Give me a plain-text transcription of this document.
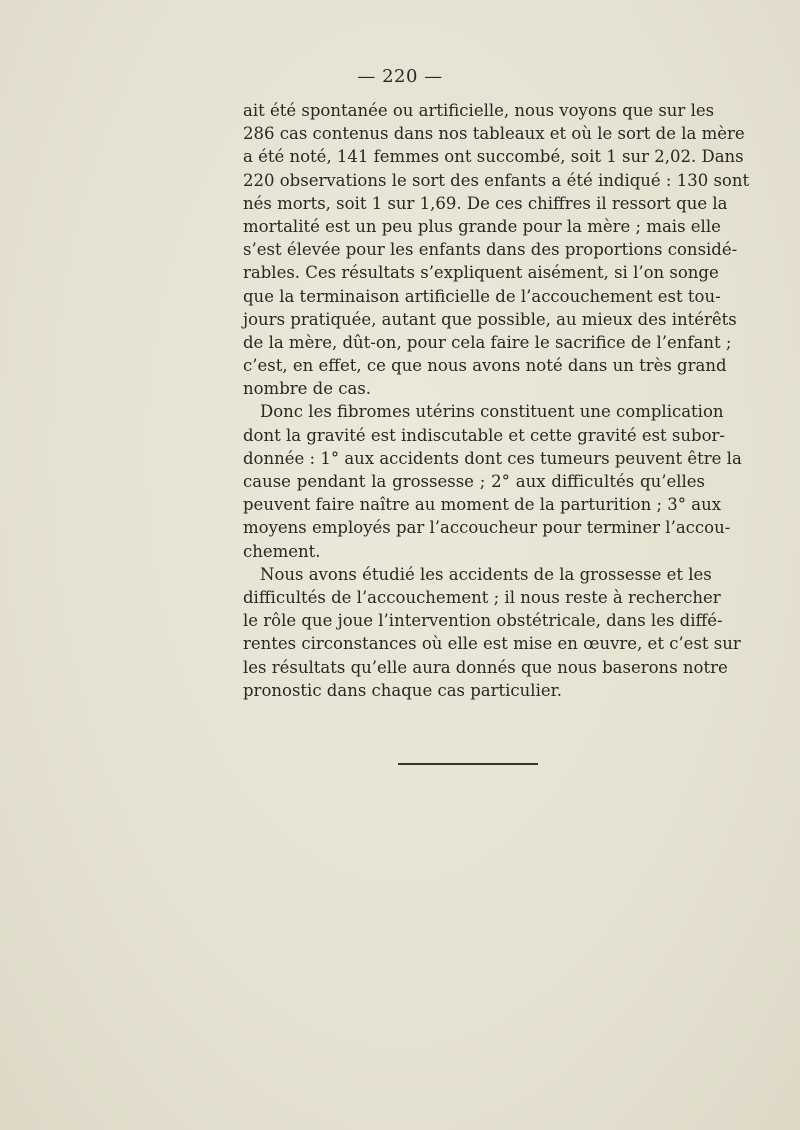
— 220 —
ait été spontanée ou artificielle, nous voyons que sur les
286 cas contenus dans nos tableaux et où le sort de la mère
a été noté, 141 femmes ont succombé, soit 1 sur 2,02. Dans
220 observations le sort des enfants a été indiqué : 130 sont
nés morts, soit 1 sur 1,69. De ces chiffres il ressort que la
mortalité est un peu plus grande pour la mère ; mais elle
s’est élevée pour les enfants dans des proportions considé-
rables. Ces résultats s’expliquent aisément, si l’on songe
que la terminaison artificielle de l’accouchement est tou-
jours pratiquée, autant que possible, au mieux des intérêts
de la mère, dût-on, pour cela faire le sacrifice de l’enfant ;
c’est, en effet, ce que nous avons noté dans un très grand
nombre de cas.
Donc les fibromes utérins constituent une complication
dont la gravité est indiscutable et cette gravité est subor-
donnée : 1° aux accidents dont ces tumeurs peuvent être la
cause pendant la grossesse ; 2° aux difficultés qu’elles
peuvent faire naître au moment de la parturition ; 3° aux
moyens employés par l’accoucheur pour terminer l’accou-
chement.
Nous avons étudié les accidents de la grossesse et les
difficultés de l’accouchement ; il nous reste à rechercher
le rôle que joue l’intervention obstétricale, dans les diffé-
rentes circonstances où elle est mise en œuvre, et c’est sur
les résultats qu’elle aura donnés que nous baserons notre
pronostic dans chaque cas particulier.
